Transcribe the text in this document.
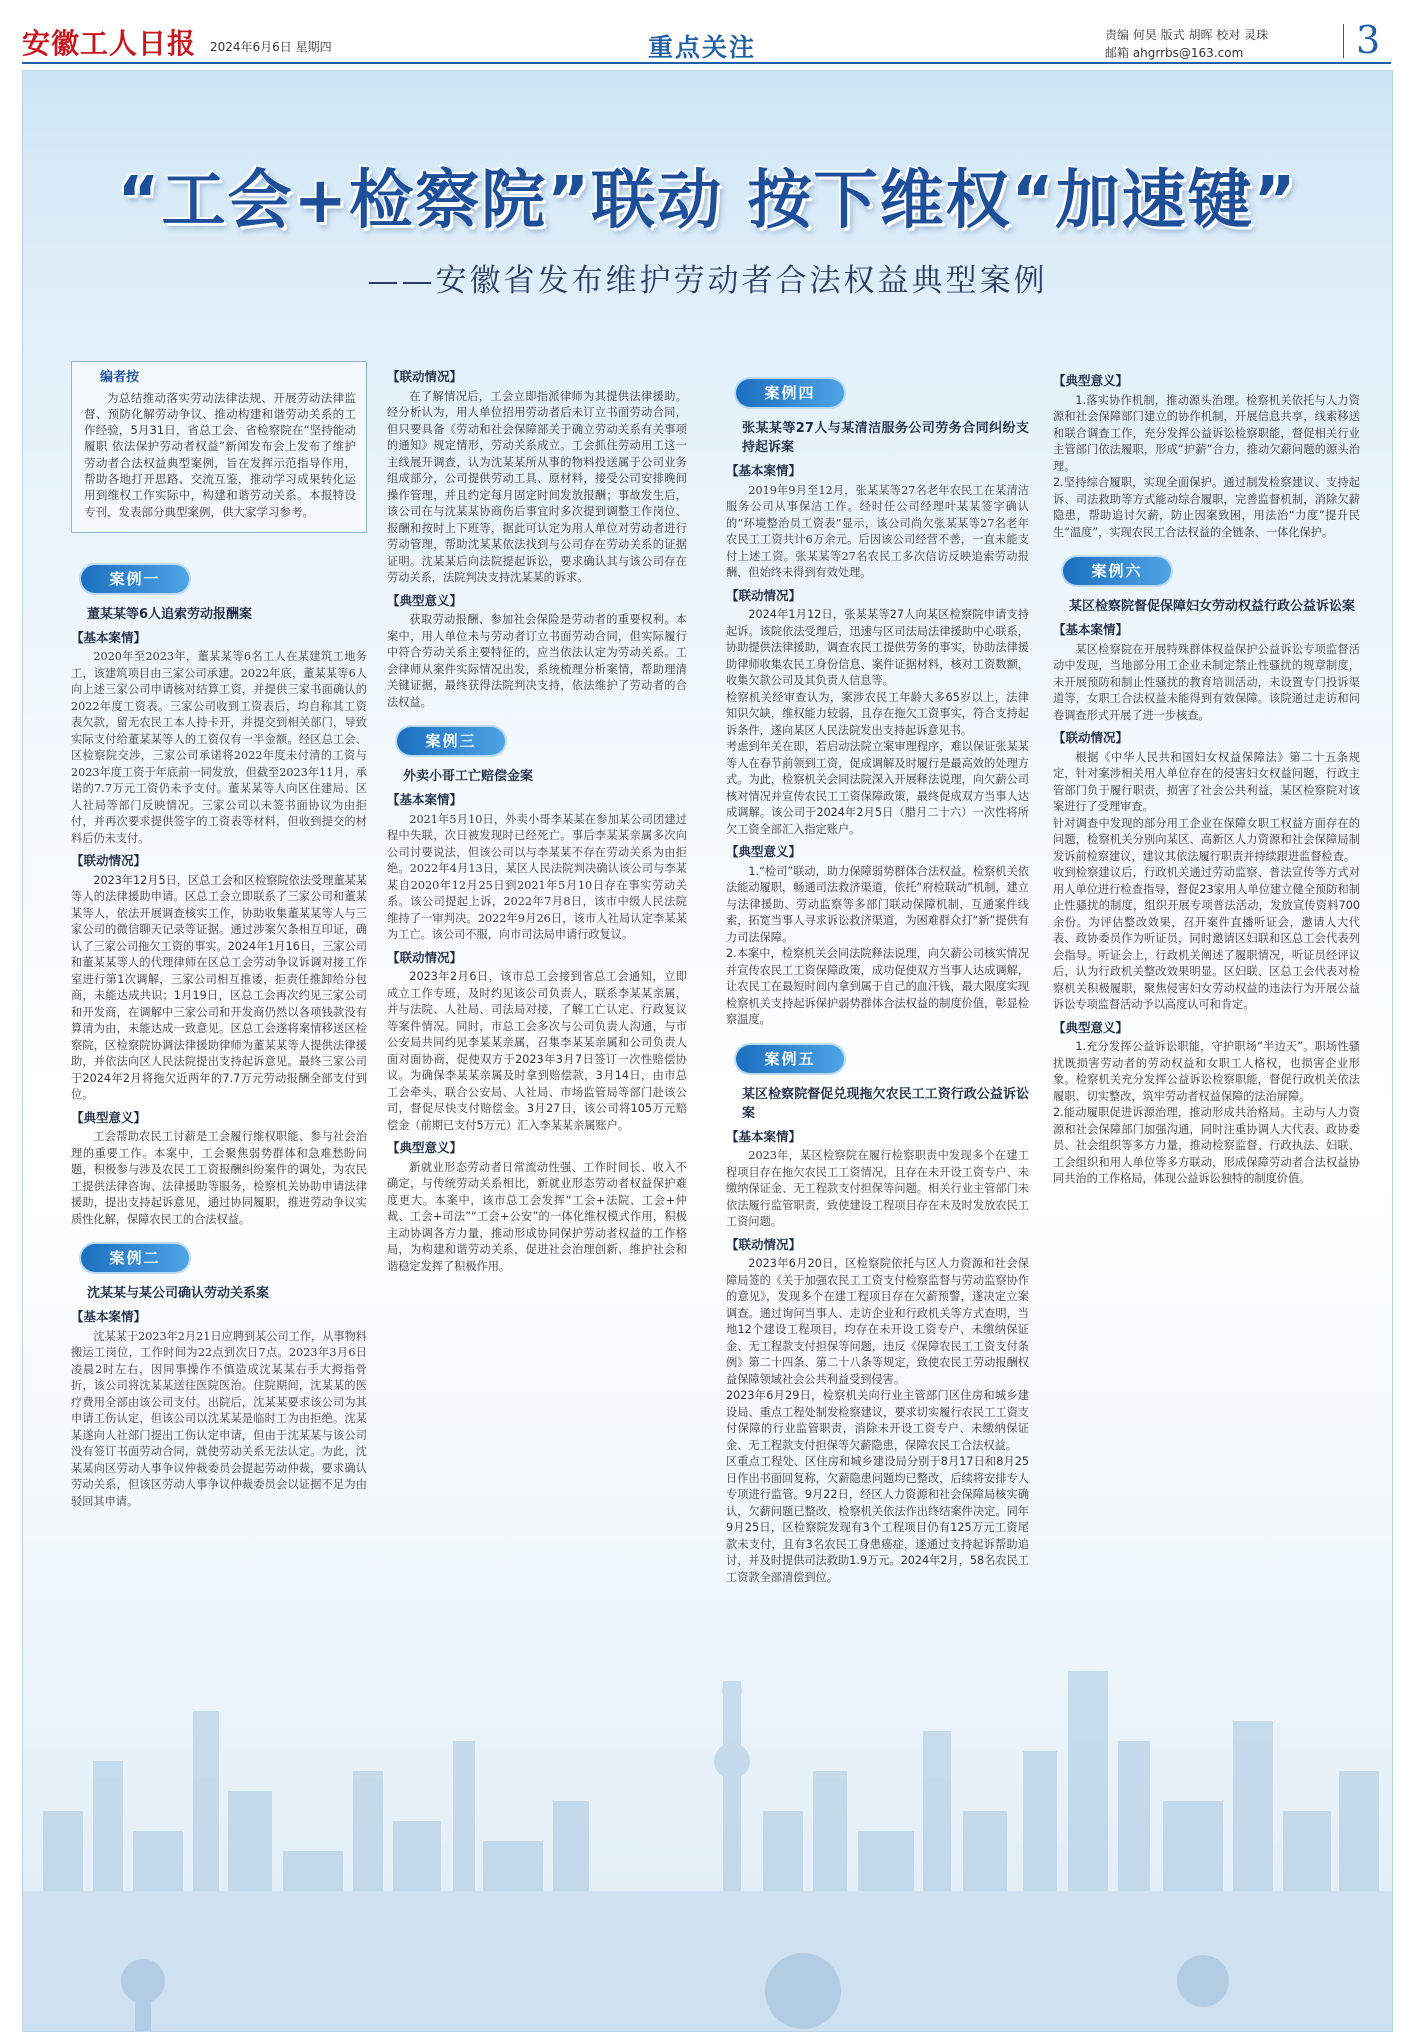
安徽工人日报 2024年6月6日 星期四	重点关注	责编 何昊 版式 胡晖 校对 灵珠
邮箱 ahgrrbs@163.com	3
“工会+检察院”联动 按下维权“加速键”
——安徽省发布维护劳动者合法权益典型案例
编者按
为总结推动落实劳动法律法规、开展劳动法律监督、预防化解劳动争议、推动构建和谐劳动关系的工作经验，5月31日，省总工会、省检察院在“坚持能动履职 依法保护劳动者权益”新闻发布会上发布了维护劳动者合法权益典型案例，旨在发挥示范指导作用，帮助各地打开思路、交流互鉴，推动学习成果转化运用到维权工作实际中，构建和谐劳动关系。本报特设专刊，发表部分典型案例，供大家学习参考。
案例一
董某某等6人追索劳动报酬案
【基本案情】
2020年至2023年，董某某等6名工人在某建筑工地务工，该建筑项目由三家公司承建。2022年底，董某某等6人向上述三家公司申请核对结算工资，并提供三家书面确认的2022年度工资表。三家公司收到工资表后，均自称其工资表欠款，留无农民工本人持卡开，并提交到相关部门，导致实际支付给董某某等人的工资仅有一半金额。经区总工会、区检察院交涉，三家公司承诺将2022年度未付清的工资与2023年度工资于年底前一同发放，但截至2023年11月，承诺的7.7万元工资仍未予支付。董某某等人向区住建局、区人社局等部门反映情况。三家公司以未签书面协议为由拒付，并再次要求提供签字的工资表等材料，但收到提交的材料后仍未支付。
【联动情况】
2023年12月5日，区总工会和区检察院依法受理董某某等人的法律援助申请。区总工会立即联系了三家公司和董某某等人，依法开展调查核实工作，协助收集董某某等人与三家公司的微信聊天记录等证据。通过涉案欠条相互印证，确认了三家公司拖欠工资的事实。2024年1月16日，三家公司和董某某等人的代理律师在区总工会劳动争议诉调对接工作室进行第1次调解，三家公司相互推诿，拒责任推卸给分包商，未能达成共识；1月19日，区总工会再次约见三家公司和开发商，在调解中三家公司和开发商仍然以各项钱款没有算清为由，未能达成一致意见。区总工会遂将案情移送区检察院，区检察院协调法律援助律师为董某某等人提供法律援助，并依法向区人民法院提出支持起诉意见。最终三家公司于2024年2月将拖欠近两年的7.7万元劳动报酬全部支付到位。
【典型意义】
工会帮助农民工讨薪是工会履行维权职能、参与社会治理的重要工作。本案中，工会聚焦弱势群体和急难愁盼问题，积极参与涉及农民工工资报酬纠纷案件的调处，为农民工提供法律咨询、法律援助等服务，检察机关协助申请法律援助，提出支持起诉意见，通过协同履职，推进劳动争议实质性化解，保障农民工的合法权益。
案例二
沈某某与某公司确认劳动关系案
【基本案情】
沈某某于2023年2月21日应聘到某公司工作，从事物料搬运工岗位，工作时间为22点到次日7点。2023年3月6日凌晨2时左右，因同事操作不慎造成沈某某右手大拇指骨折，该公司将沈某某送往医院医治。住院期间，沈某某的医疗费用全部由该公司支付。出院后，沈某某要求该公司为其申请工伤认定，但该公司以沈某某是临时工为由拒绝。沈某某遂向人社部门提出工伤认定申请，但由于沈某某与该公司没有签订书面劳动合同，就使劳动关系无法认定。为此，沈某某向区劳动人事争议仲裁委员会提起劳动仲裁，要求确认劳动关系，但该区劳动人事争议仲裁委员会以证据不足为由驳回其申请。
【联动情况】
在了解情况后，工会立即指派律师为其提供法律援助。经分析认为，用人单位招用劳动者后未订立书面劳动合同，但只要具备《劳动和社会保障部关于确立劳动关系有关事项的通知》规定情形，劳动关系成立。工会抓住劳动用工这一主线展开调查，认为沈某某所从事的物料投送属于公司业务组成部分，公司提供劳动工具、原材料，接受公司安排晚间操作管理，并且约定每月固定时间发放报酬；事故发生后，该公司在与沈某某协商伤后事宜时多次提到调整工作岗位、报酬和按时上下班等，据此可认定为用人单位对劳动者进行劳动管理，帮助沈某某依法找到与公司存在劳动关系的证据证明。沈某某后向法院提起诉讼，要求确认其与该公司存在劳动关系，法院判决支持沈某某的诉求。
【典型意义】
获取劳动报酬、参加社会保险是劳动者的重要权利。本案中，用人单位未与劳动者订立书面劳动合同，但实际履行中符合劳动关系主要特征的，应当依法认定为劳动关系。工会律师从案件实际情况出发，系统梳理分析案情，帮助理清关键证据，最终获得法院判决支持，依法维护了劳动者的合法权益。
案例三
外卖小哥工亡赔偿金案
【基本案情】
2021年5月10日，外卖小哥李某某在参加某公司团建过程中失联，次日被发现时已经死亡。事后李某某亲属多次向公司讨要说法，但该公司以与李某某不存在劳动关系为由拒绝。2022年4月13日，某区人民法院判决确认该公司与李某某自2020年12月25日到2021年5月10日存在事实劳动关系。该公司提起上诉，2022年7月8日，该市中级人民法院维持了一审判决。2022年9月26日，该市人社局认定李某某为工亡。该公司不服，向市司法局申请行政复议。
【联动情况】
2023年2月6日，该市总工会接到省总工会通知，立即成立工作专班，及时约见该公司负责人，联系李某某亲属，并与法院、人社局、司法局对接，了解工亡认定、行政复议等案件情况。同时，市总工会多次与公司负责人沟通，与市公安局共同约见李某某亲属，召集李某某亲属和公司负责人面对面协商，促使双方于2023年3月7日签订一次性赔偿协议。为确保李某某亲属及时拿到赔偿款，3月14日，由市总工会牵头，联合公安局、人社局、市场监管局等部门赴该公司，督促尽快支付赔偿金。3月27日，该公司将105万元赔偿金（前期已支付5万元）汇入李某某亲属账户。
【典型意义】
新就业形态劳动者日常流动性强、工作时间长、收入不确定，与传统劳动关系相比，新就业形态劳动者权益保护难度更大。本案中，该市总工会发挥“工会+法院、工会+仲裁、工会+司法”“工会+公安”的一体化维权模式作用，积极主动协调各方力量，推动形成协同保护劳动者权益的工作格局，为构建和谐劳动关系，促进社会治理创新、维护社会和谐稳定发挥了积极作用。
案例四
张某某等27人与某清洁服务公司劳务合同纠纷支持起诉案
【基本案情】
2019年9月至12月，张某某等27名老年农民工在某清洁服务公司从事保洁工作。经时任公司经理叶某某签字确认的“环境整治员工资表”显示，该公司尚欠张某某等27名老年农民工工资共计6万余元。后因该公司经营不善，一直未能支付上述工资。张某某等27名农民工多次信访反映追索劳动报酬，但始终未得到有效处理。
【联动情况】
2024年1月12日，张某某等27人向某区检察院申请支持起诉。该院依法受理后，迅速与区司法局法律援助中心联系，协助提供法律援助，调查农民工提供劳务的事实，协助法律援助律师收集农民工身份信息、案件证据材料，核对工资数额，收集欠款公司及其负责人信息等。
检察机关经审查认为，案涉农民工年龄大多65岁以上，法律知识欠缺，维权能力较弱，且存在拖欠工资事实，符合支持起诉条件，遂向某区人民法院发出支持起诉意见书。
考虑到年关在即，若启动法院立案审理程序，难以保证张某某等人在春节前领到工资，促成调解及时履行是最高效的处理方式。为此，检察机关会同法院深入开展释法说理，向欠薪公司核对情况并宣传农民工工资保障政策，最终促成双方当事人达成调解。该公司于2024年2月5日（腊月二十六）一次性将所欠工资全部汇入指定账户。
【典型意义】
1.“检司”联动，助力保障弱势群体合法权益。检察机关依法能动履职，畅通司法救济渠道，依托“府检联动”机制，建立与法律援助、劳动监察等多部门联动保障机制，互通案件线索，拓宽当事人寻求诉讼救济渠道，为困难群众打“新”提供有力司法保障。
2.本案中，检察机关会同法院释法说理，向欠薪公司核实情况并宣传农民工工资保障政策，成功促使双方当事人达成调解，让农民工在最短时间内拿到属于自己的血汗钱，最大限度实现检察机关支持起诉保护弱势群体合法权益的制度价值，彰显检察温度。
案例五
某区检察院督促兑现拖欠农民工工资行政公益诉讼案
【基本案情】
2023年，某区检察院在履行检察职责中发现多个在建工程项目存在拖欠农民工工资情况，且存在未开设工资专户、未缴纳保证金、无工程款支付担保等问题。相关行业主管部门未依法履行监管职责，致使建设工程项目存在未及时发放农民工工资问题。
【联动情况】
2023年6月20日，区检察院依托与区人力资源和社会保障局签的《关于加强农民工工资支付检察监督与劳动监察协作的意见》，发现多个在建工程项目存在欠薪预警，遂决定立案调查。通过询问当事人、走访企业和行政机关等方式查明，当地12个建设工程项目，均存在未开设工资专户、未缴纳保证金、无工程款支付担保等问题，违反《保障农民工工资支付条例》第二十四条、第二十八条等规定，致使农民工劳动报酬权益保障领域社会公共利益受到侵害。
2023年6月29日，检察机关向行业主管部门区住房和城乡建设局、重点工程处制发检察建议，要求切实履行农民工工资支付保障的行业监管职责，消除未开设工资专户、未缴纳保证金、无工程款支付担保等欠薪隐患，保障农民工合法权益。
区重点工程处、区住房和城乡建设局分别于8月17日和8月25日作出书面回复称，欠薪隐患问题均已整改，后续将安排专人专项进行监管。9月22日，经区人力资源和社会保障局核实确认，欠薪问题已整改，检察机关依法作出终结案件决定。同年9月25日，区检察院发现有3个工程项目仍有125万元工资尾款未支付，且有3名农民工身患癌症，遂通过支持起诉帮助追讨，并及时提供司法救助1.9万元。2024年2月，58名农民工工资款全部清偿到位。
【典型意义】
1.落实协作机制，推动源头治理。检察机关依托与人力资源和社会保障部门建立的协作机制，开展信息共享，线索移送和联合调查工作，充分发挥公益诉讼检察职能，督促相关行业主管部门依法履职，形成“护薪”合力，推动欠薪问题的源头治理。
2.坚持综合履职，实现全面保护。通过制发检察建议、支持起诉、司法救助等方式能动综合履职，完善监督机制，消除欠薪隐患，帮助追讨欠薪，防止因案致困，用法治“力度”提升民生“温度”，实现农民工合法权益的全链条、一体化保护。
案例六
某区检察院督促保障妇女劳动权益行政公益诉讼案
【基本案情】
某区检察院在开展特殊群体权益保护公益诉讼专项监督活动中发现，当地部分用工企业未制定禁止性骚扰的规章制度，未开展预防和制止性骚扰的教育培训活动，未设置专门投诉渠道等，女职工合法权益未能得到有效保障。该院通过走访和问卷调查形式开展了进一步核查。
【联动情况】
根据《中华人民共和国妇女权益保障法》第二十五条规定，针对案涉相关用人单位存在的侵害妇女权益问题，行政主管部门负于履行职责，损害了社会公共利益，某区检察院对该案进行了受理审查。
针对调查中发现的部分用工企业在保障女职工权益方面存在的问题，检察机关分别向某区、高新区人力资源和社会保障局制发诉前检察建议，建议其依法履行职责并持续跟进监督检查。
收到检察建议后，行政机关通过劳动监察、普法宣传等方式对用人单位进行检查指导，督促23家用人单位建立健全预防和制止性骚扰的制度，组织开展专项普法活动，发放宣传资料700余份。为评估整改效果，召开案件直播听证会，邀请人大代表、政协委员作为听证员，同时邀请区妇联和区总工会代表列会指导。听证会上，行政机关阐述了履职情况，听证员经评议后，认为行政机关整改效果明显。区妇联、区总工会代表对检察机关积极履职，聚焦侵害妇女劳动权益的违法行为开展公益诉讼专项监督活动予以高度认可和肯定。
【典型意义】
1.充分发挥公益诉讼职能，守护职场“半边天”。职场性骚扰既损害劳动者的劳动权益和女职工人格权，也损害企业形象。检察机关充分发挥公益诉讼检察职能，督促行政机关依法履职、切实整改，筑牢劳动者权益保障的法治屏障。
2.能动履职促进诉源治理，推动形成共治格局。主动与人力资源和社会保障部门加强沟通，同时注重协调人大代表、政协委员、社会组织等多方力量，推动检察监督、行政执法、妇联、工会组织和用人单位等多方联动，形成保障劳动者合法权益协同共治的工作格局，体现公益诉讼独特的制度价值。
